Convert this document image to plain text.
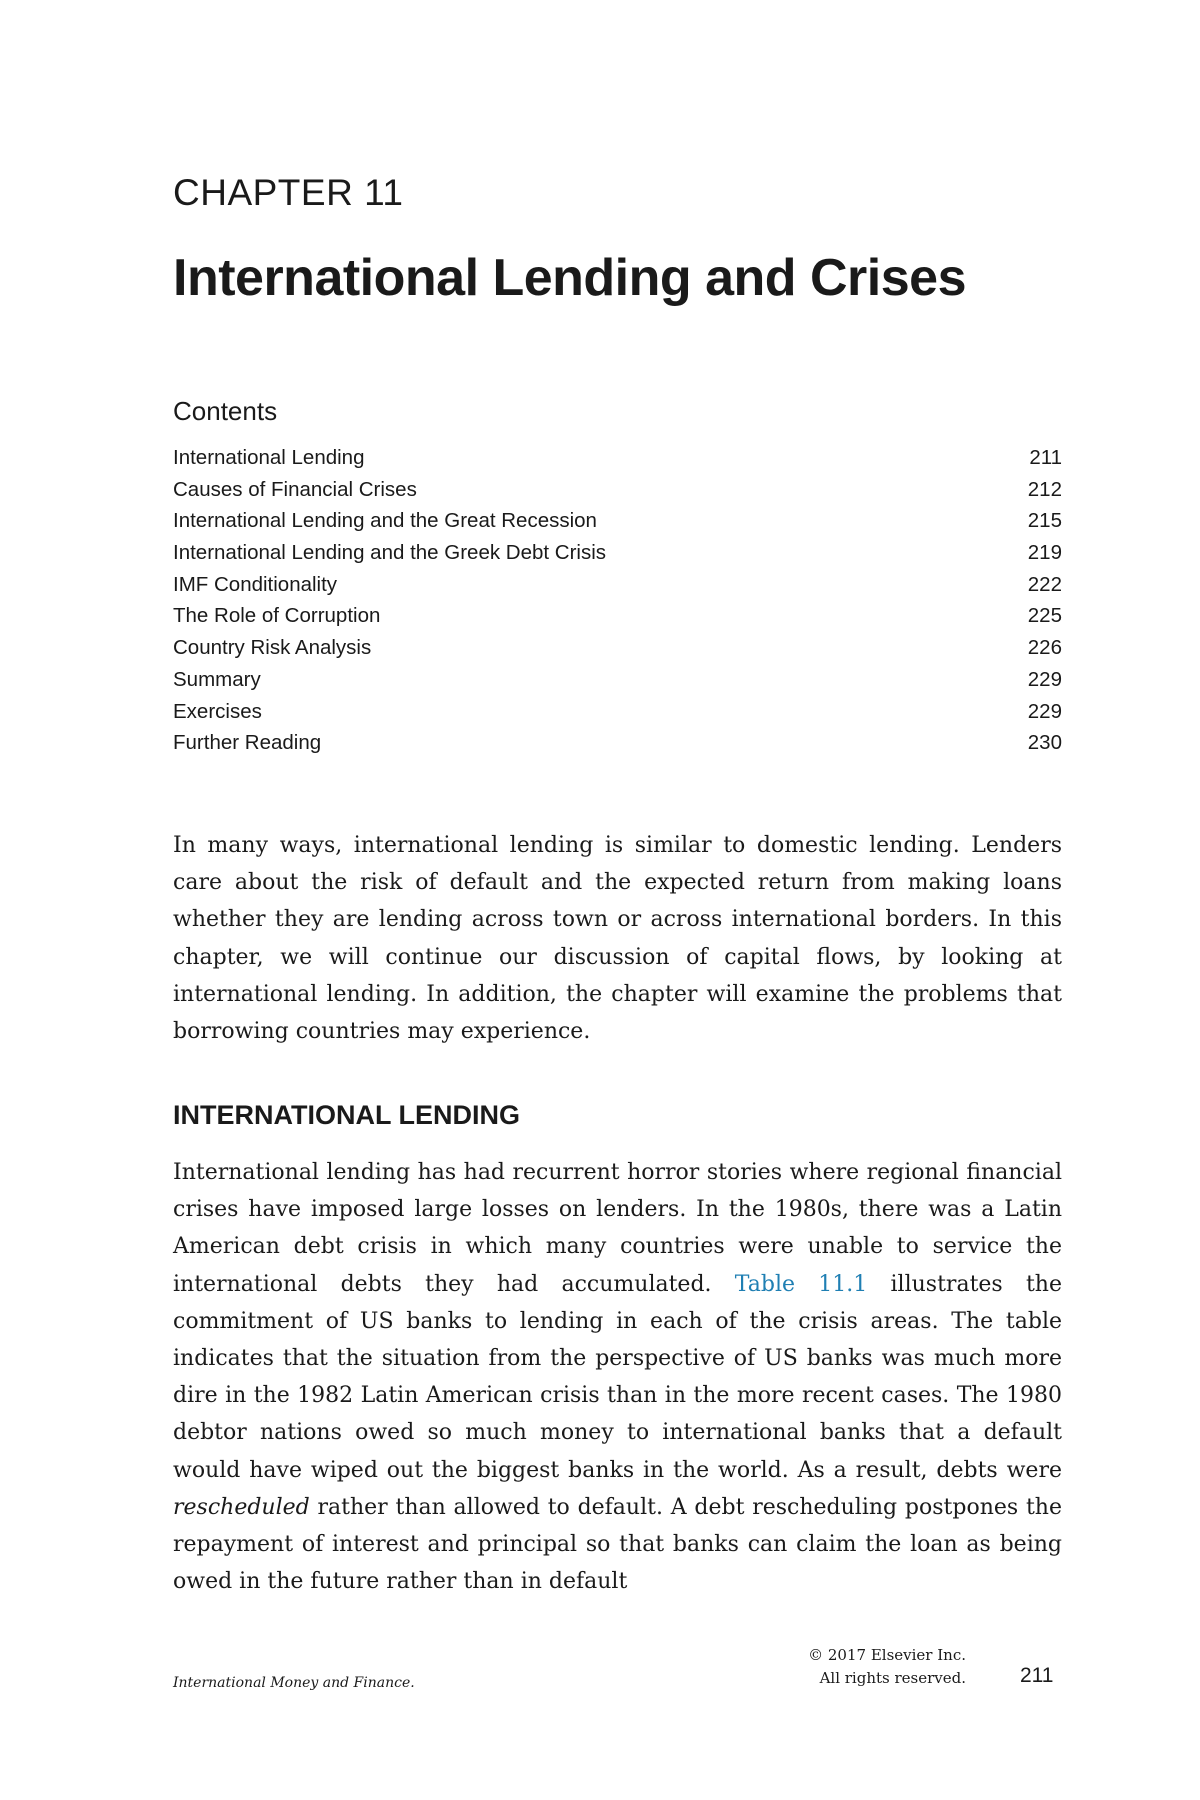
CHAPTER 11
International Lending and Crises
Contents
International Lending	211
Causes of Financial Crises	212
International Lending and the Great Recession	215
International Lending and the Greek Debt Crisis	219
IMF Conditionality	222
The Role of Corruption	225
Country Risk Analysis	226
Summary	229
Exercises	229
Further Reading	230

In many ways, international lending is similar to domestic lending. Lenders care about the risk of default and the expected return from making loans whether they are lending across town or across international borders. In this chapter, we will continue our discussion of capital flows, by looking at international lending. In addition, the chapter will examine the problems that borrowing countries may experience.

INTERNATIONAL LENDING

International lending has had recurrent horror stories where regional financial crises have imposed large losses on lenders. In the 1980s, there was a Latin American debt crisis in which many countries were unable to service the international debts they had accumulated. Table 11.1 illustrates the commitment of US banks to lending in each of the crisis areas. The table indicates that the situation from the perspective of US banks was much more dire in the 1982 Latin American crisis than in the more recent cases. The 1980 debtor nations owed so much money to international banks that a default would have wiped out the biggest banks in the world. As a result, debts were rescheduled rather than allowed to default. A debt rescheduling postpones the repayment of interest and principal so that banks can claim the loan as being owed in the future rather than in default

International Money and Finance.
© 2017 Elsevier Inc.
All rights reserved.	211
